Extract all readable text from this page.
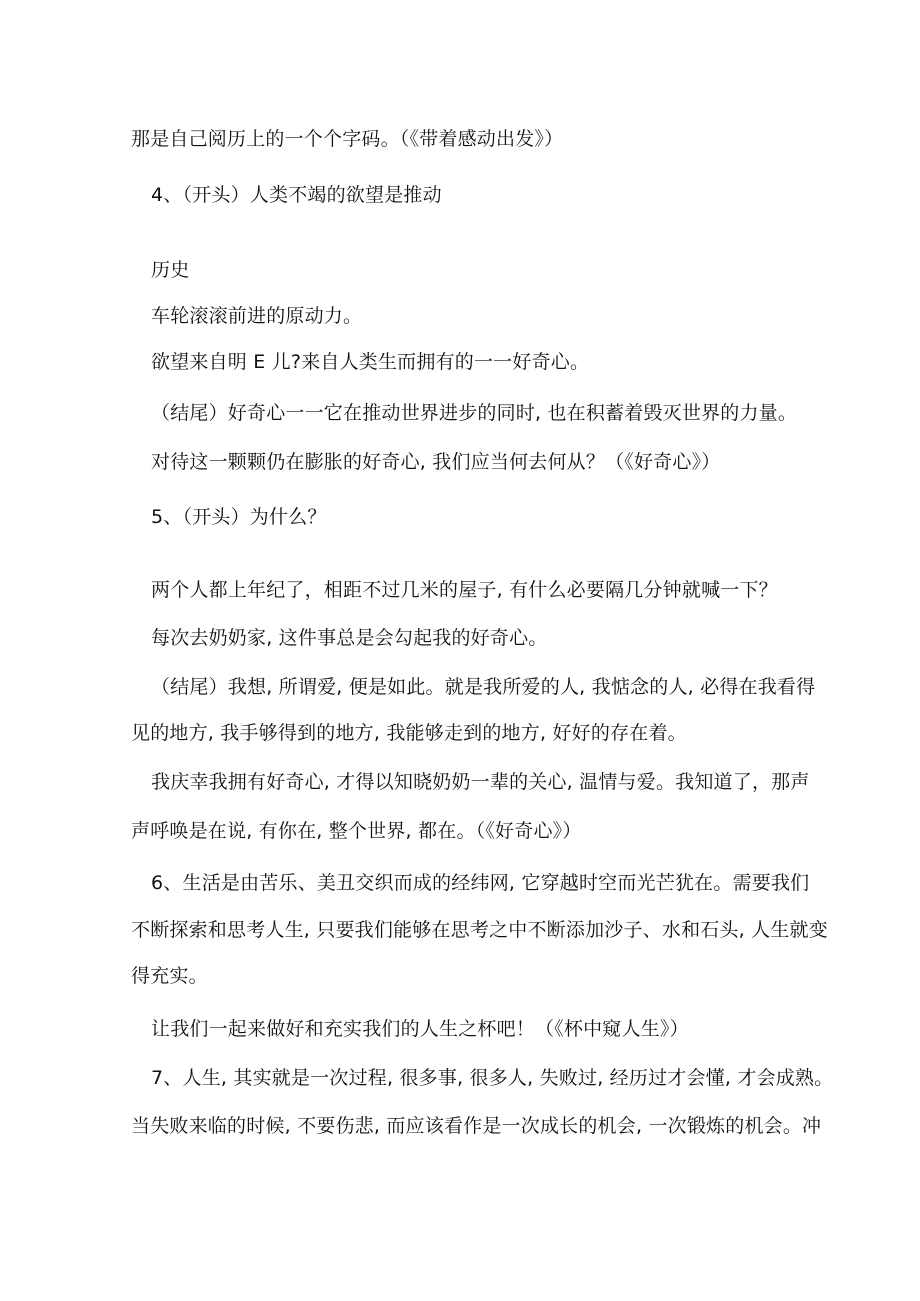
那是自己阅历上的一个个字码。（《带着感动出发》）
4、（开头）人类不竭的欲望是推动
历史
车轮滚滚前进的原动力。
欲望来自明 E 儿?来自人类生而拥有的一一好奇心。
（结尾）好奇心一一它在推动世界进步的同时, 也在积蓄着毁灭世界的力量。
对待这一颗颗仍在膨胀的好奇心, 我们应当何去何从？（《好奇心》）
5、（开头）为什么？
两个人都上年纪了，相距不过几米的屋子, 有什么必要隔几分钟就喊一下？
每次去奶奶家, 这件事总是会勾起我的好奇心。
（结尾）我想, 所谓爱, 便是如此。就是我所爱的人, 我惦念的人, 必得在我看得
见的地方, 我手够得到的地方, 我能够走到的地方, 好好的存在着。
我庆幸我拥有好奇心, 才得以知晓奶奶一辈的关心, 温情与爱。我知道了，那声
声呼唤是在说, 有你在, 整个世界, 都在。（《好奇心》）
6、生活是由苦乐、美丑交织而成的经纬网, 它穿越时空而光芒犹在。需要我们
不断探索和思考人生, 只要我们能够在思考之中不断添加沙子、水和石头, 人生就变
得充实。
让我们一起来做好和充实我们的人生之杯吧！（《杯中窥人生》）
7、人生, 其实就是一次过程, 很多事, 很多人, 失败过, 经历过才会懂, 才会成熟。
当失败来临的时候, 不要伤悲, 而应该看作是一次成长的机会, 一次锻炼的机会。冲
